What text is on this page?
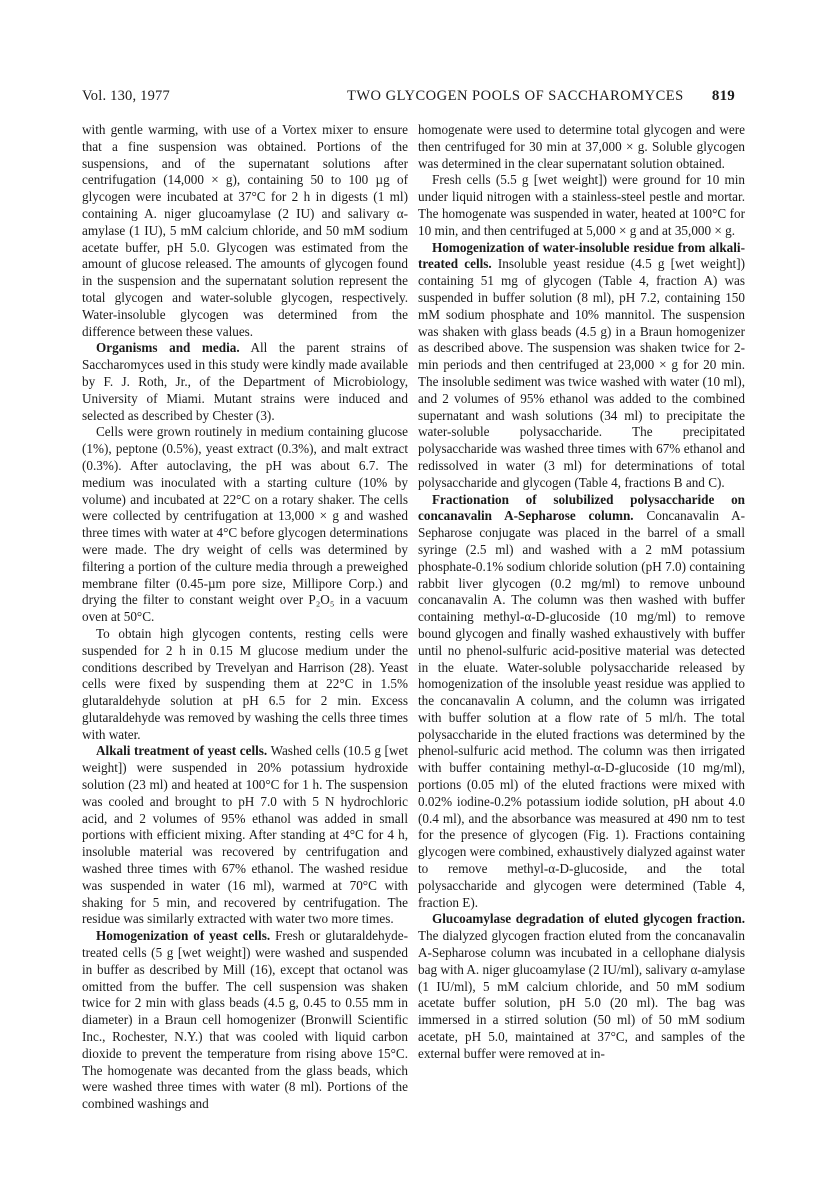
Vol. 130, 1977	TWO GLYCOGEN POOLS OF SACCHAROMYCES 819

with gentle warming, with use of a Vortex mixer to ensure that a fine suspension was obtained. Portions of the suspensions, and of the supernatant solutions after centrifugation (14,000 × g), containing 50 to 100 µg of glycogen were incubated at 37°C for 2 h in digests (1 ml) containing A. niger glucoamylase (2 IU) and salivary α-amylase (1 IU), 5 mM calcium chloride, and 50 mM sodium acetate buffer, pH 5.0. Glycogen was estimated from the amount of glucose released. The amounts of glycogen found in the suspension and the supernatant solution represent the total glycogen and water-soluble glycogen, respectively. Water-insoluble glycogen was determined from the difference between these values.

Organisms and media. All the parent strains of Saccharomyces used in this study were kindly made available by F. J. Roth, Jr., of the Department of Microbiology, University of Miami. Mutant strains were induced and selected as described by Chester (3).

Cells were grown routinely in medium containing glucose (1%), peptone (0.5%), yeast extract (0.3%), and malt extract (0.3%). After autoclaving, the pH was about 6.7. The medium was inoculated with a starting culture (10% by volume) and incubated at 22°C on a rotary shaker. The cells were collected by centrifugation at 13,000 × g and washed three times with water at 4°C before glycogen determinations were made. The dry weight of cells was determined by filtering a portion of the culture media through a preweighed membrane filter (0.45-µm pore size, Millipore Corp.) and drying the filter to constant weight over P₂O₅ in a vacuum oven at 50°C.

To obtain high glycogen contents, resting cells were suspended for 2 h in 0.15 M glucose medium under the conditions described by Trevelyan and Harrison (28). Yeast cells were fixed by suspending them at 22°C in 1.5% glutaraldehyde solution at pH 6.5 for 2 min. Excess glutaraldehyde was removed by washing the cells three times with water.

Alkali treatment of yeast cells. Washed cells (10.5 g [wet weight]) were suspended in 20% potassium hydroxide solution (23 ml) and heated at 100°C for 1 h. The suspension was cooled and brought to pH 7.0 with 5 N hydrochloric acid, and 2 volumes of 95% ethanol was added in small portions with efficient mixing. After standing at 4°C for 4 h, insoluble material was recovered by centrifugation and washed three times with 67% ethanol. The washed residue was suspended in water (16 ml), warmed at 70°C with shaking for 5 min, and recovered by centrifugation. The residue was similarly extracted with water two more times.

Homogenization of yeast cells. Fresh or glutaraldehyde-treated cells (5 g [wet weight]) were washed and suspended in buffer as described by Mill (16), except that octanol was omitted from the buffer. The cell suspension was shaken twice for 2 min with glass beads (4.5 g, 0.45 to 0.55 mm in diameter) in a Braun cell homogenizer (Bronwill Scientific Inc., Rochester, N.Y.) that was cooled with liquid carbon dioxide to prevent the temperature from rising above 15°C. The homogenate was decanted from the glass beads, which were washed three times with water (8 ml). Portions of the combined washings and

homogenate were used to determine total glycogen and were then centrifuged for 30 min at 37,000 × g. Soluble glycogen was determined in the clear supernatant solution obtained.

Fresh cells (5.5 g [wet weight]) were ground for 10 min under liquid nitrogen with a stainless-steel pestle and mortar. The homogenate was suspended in water, heated at 100°C for 10 min, and then centrifuged at 5,000 × g and at 35,000 × g.

Homogenization of water-insoluble residue from alkali-treated cells. Insoluble yeast residue (4.5 g [wet weight]) containing 51 mg of glycogen (Table 4, fraction A) was suspended in buffer solution (8 ml), pH 7.2, containing 150 mM sodium phosphate and 10% mannitol. The suspension was shaken with glass beads (4.5 g) in a Braun homogenizer as described above. The suspension was shaken twice for 2-min periods and then centrifuged at 23,000 × g for 20 min. The insoluble sediment was twice washed with water (10 ml), and 2 volumes of 95% ethanol was added to the combined supernatant and wash solutions (34 ml) to precipitate the water-soluble polysaccharide. The precipitated polysaccharide was washed three times with 67% ethanol and redissolved in water (3 ml) for determinations of total polysaccharide and glycogen (Table 4, fractions B and C).

Fractionation of solubilized polysaccharide on concanavalin A-Sepharose column. Concanavalin A-Sepharose conjugate was placed in the barrel of a small syringe (2.5 ml) and washed with a 2 mM potassium phosphate-0.1% sodium chloride solution (pH 7.0) containing rabbit liver glycogen (0.2 mg/ml) to remove unbound concanavalin A. The column was then washed with buffer containing methyl-α-D-glucoside (10 mg/ml) to remove bound glycogen and finally washed exhaustively with buffer until no phenol-sulfuric acid-positive material was detected in the eluate. Water-soluble polysaccharide released by homogenization of the insoluble yeast residue was applied to the concanavalin A column, and the column was irrigated with buffer solution at a flow rate of 5 ml/h. The total polysaccharide in the eluted fractions was determined by the phenol-sulfuric acid method. The column was then irrigated with buffer containing methyl-α-D-glucoside (10 mg/ml), portions (0.05 ml) of the eluted fractions were mixed with 0.02% iodine-0.2% potassium iodide solution, pH about 4.0 (0.4 ml), and the absorbance was measured at 490 nm to test for the presence of glycogen (Fig. 1). Fractions containing glycogen were combined, exhaustively dialyzed against water to remove methyl-α-D-glucoside, and the total polysaccharide and glycogen were determined (Table 4, fraction E).

Glucoamylase degradation of eluted glycogen fraction. The dialyzed glycogen fraction eluted from the concanavalin A-Sepharose column was incubated in a cellophane dialysis bag with A. niger glucoamylase (2 IU/ml), salivary α-amylase (1 IU/ml), 5 mM calcium chloride, and 50 mM sodium acetate buffer solution, pH 5.0 (20 ml). The bag was immersed in a stirred solution (50 ml) of 50 mM sodium acetate, pH 5.0, maintained at 37°C, and samples of the external buffer were removed at in-
